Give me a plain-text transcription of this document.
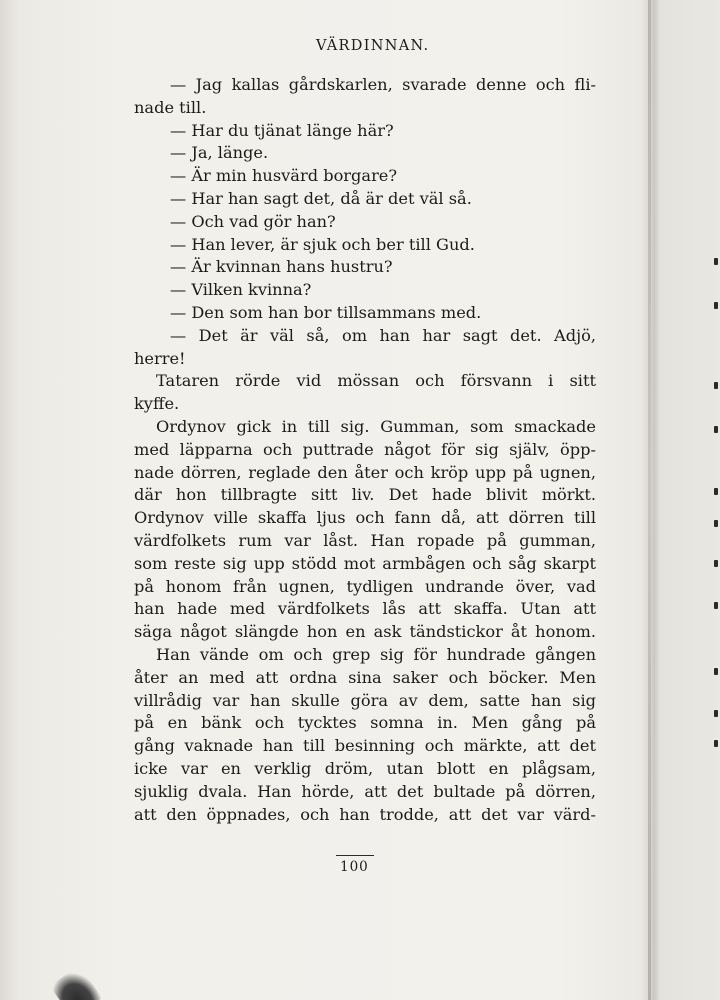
VÄRDINNAN.
— Jag kallas gårdskarlen, svarade denne och fli-
nade till.
— Har du tjänat länge här?
— Ja, länge.
— Är min husvärd borgare?
— Har han sagt det, då är det väl så.
— Och vad gör han?
— Han lever, är sjuk och ber till Gud.
— Är kvinnan hans hustru?
— Vilken kvinna?
— Den som han bor tillsammans med.
— Det är väl så, om han har sagt det. Adjö,
herre!
Tataren rörde vid mössan och försvann i sitt
kyffe.
Ordynov gick in till sig. Gumman, som smackade
med läpparna och puttrade något för sig själv, öpp-
nade dörren, reglade den åter och kröp upp på ugnen,
där hon tillbragte sitt liv. Det hade blivit mörkt.
Ordynov ville skaffa ljus och fann då, att dörren till
värdfolkets rum var låst. Han ropade på gumman,
som reste sig upp stödd mot armbågen och såg skarpt
på honom från ugnen, tydligen undrande över, vad
han hade med värdfolkets lås att skaffa. Utan att
säga något slängde hon en ask tändstickor åt honom.
Han vände om och grep sig för hundrade gången
åter an med att ordna sina saker och böcker. Men
villrådig var han skulle göra av dem, satte han sig
på en bänk och tycktes somna in. Men gång på
gång vaknade han till besinning och märkte, att det
icke var en verklig dröm, utan blott en plågsam,
sjuklig dvala. Han hörde, att det bultade på dörren,
att den öppnades, och han trodde, att det var värd-
100
